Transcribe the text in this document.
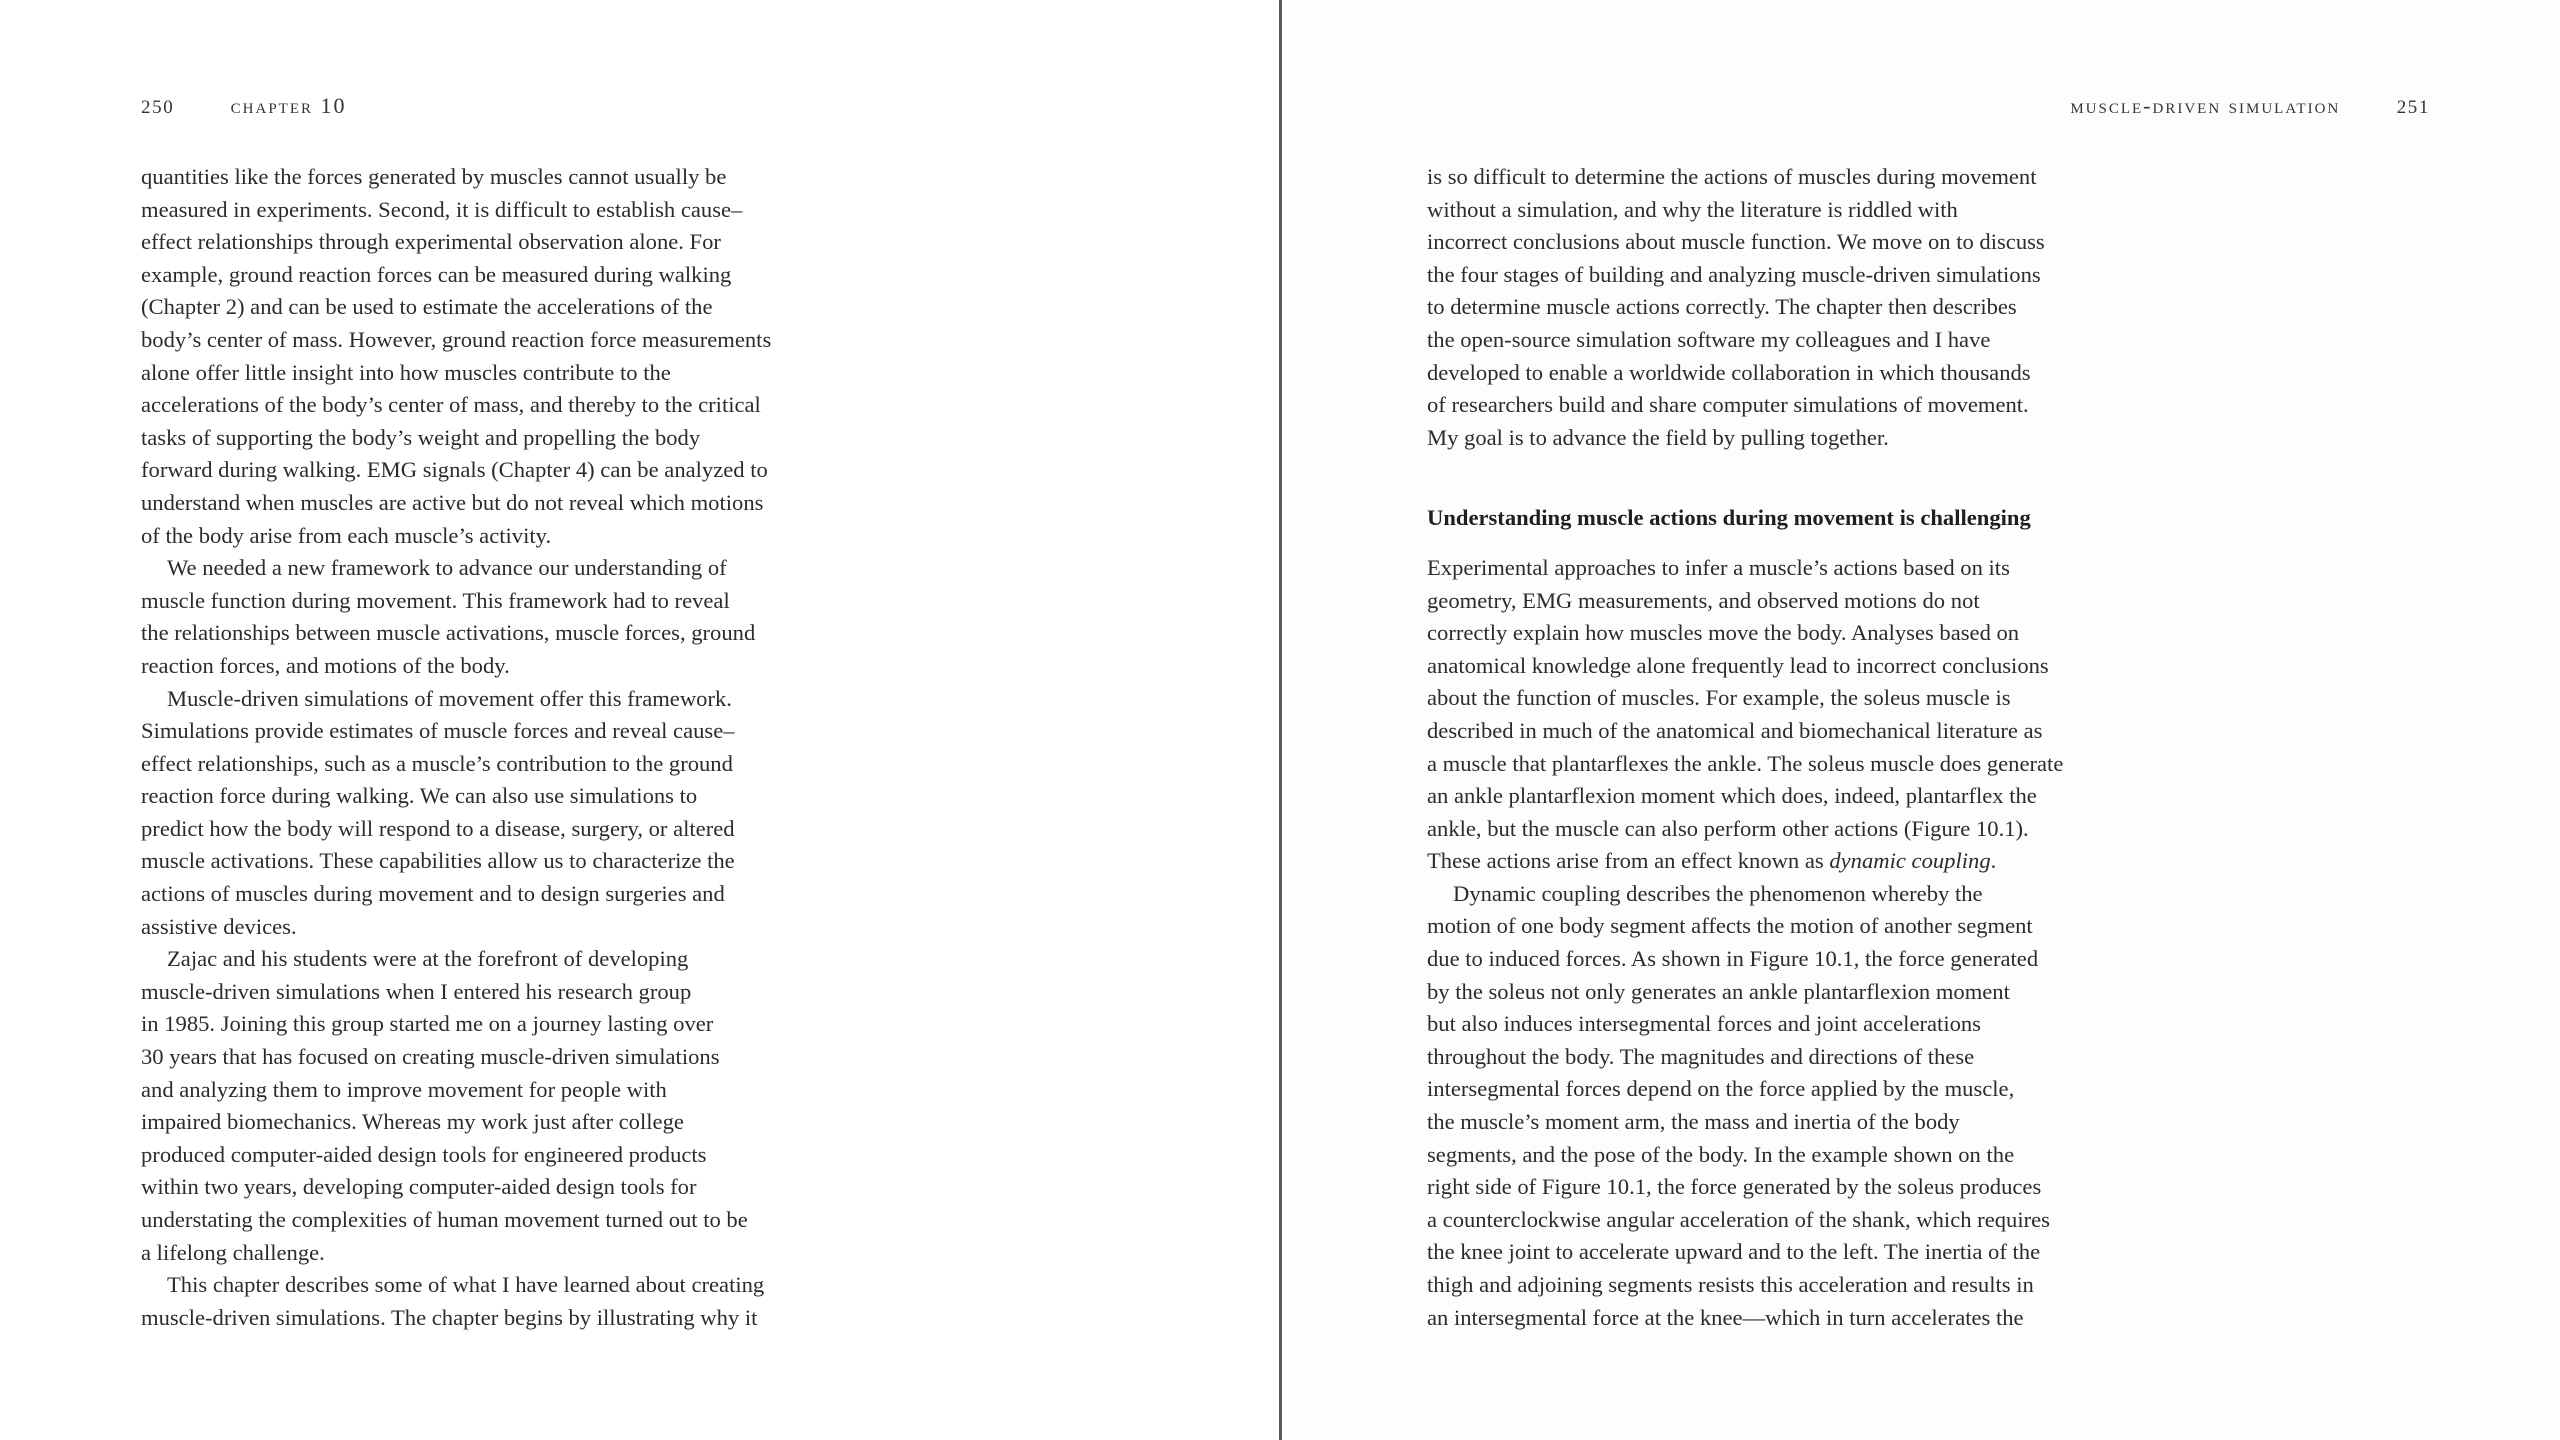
250	chapter 10
quantities like the forces generated by muscles cannot usually be
measured in experiments. Second, it is difficult to establish cause–
effect relationships through experimental observation alone. For
example, ground reaction forces can be measured during walking
(Chapter 2) and can be used to estimate the accelerations of the
body’s center of mass. However, ground reaction force measurements
alone offer little insight into how muscles contribute to the
accelerations of the body’s center of mass, and thereby to the critical
tasks of supporting the body’s weight and propelling the body
forward during walking. EMG signals (Chapter 4) can be analyzed to
understand when muscles are active but do not reveal which motions
of the body arise from each muscle’s activity.
We needed a new framework to advance our understanding of
muscle function during movement. This framework had to reveal
the relationships between muscle activations, muscle forces, ground
reaction forces, and motions of the body.
Muscle-driven simulations of movement offer this framework.
Simulations provide estimates of muscle forces and reveal cause–
effect relationships, such as a muscle’s contribution to the ground
reaction force during walking. We can also use simulations to
predict how the body will respond to a disease, surgery, or altered
muscle activations. These capabilities allow us to characterize the
actions of muscles during movement and to design surgeries and
assistive devices.
Zajac and his students were at the forefront of developing
muscle-driven simulations when I entered his research group
in 1985. Joining this group started me on a journey lasting over
30 years that has focused on creating muscle-driven simulations
and analyzing them to improve movement for people with
impaired biomechanics. Whereas my work just after college
produced computer-aided design tools for engineered products
within two years, developing computer-aided design tools for
understating the complexities of human movement turned out to be
a lifelong challenge.
This chapter describes some of what I have learned about creating
muscle-driven simulations. The chapter begins by illustrating why it
muscle-driven simulation	251
is so difficult to determine the actions of muscles during movement
without a simulation, and why the literature is riddled with
incorrect conclusions about muscle function. We move on to discuss
the four stages of building and analyzing muscle-driven simulations
to determine muscle actions correctly. The chapter then describes
the open-source simulation software my colleagues and I have
developed to enable a worldwide collaboration in which thousands
of researchers build and share computer simulations of movement.
My goal is to advance the field by pulling together.
Understanding muscle actions during movement is challenging
Experimental approaches to infer a muscle’s actions based on its
geometry, EMG measurements, and observed motions do not
correctly explain how muscles move the body. Analyses based on
anatomical knowledge alone frequently lead to incorrect conclusions
about the function of muscles. For example, the soleus muscle is
described in much of the anatomical and biomechanical literature as
a muscle that plantarflexes the ankle. The soleus muscle does generate
an ankle plantarflexion moment which does, indeed, plantarflex the
ankle, but the muscle can also perform other actions (Figure 10.1).
These actions arise from an effect known as dynamic coupling.
Dynamic coupling describes the phenomenon whereby the
motion of one body segment affects the motion of another segment
due to induced forces. As shown in Figure 10.1, the force generated
by the soleus not only generates an ankle plantarflexion moment
but also induces intersegmental forces and joint accelerations
throughout the body. The magnitudes and directions of these
intersegmental forces depend on the force applied by the muscle,
the muscle’s moment arm, the mass and inertia of the body
segments, and the pose of the body. In the example shown on the
right side of Figure 10.1, the force generated by the soleus produces
a counterclockwise angular acceleration of the shank, which requires
the knee joint to accelerate upward and to the left. The inertia of the
thigh and adjoining segments resists this acceleration and results in
an intersegmental force at the knee—which in turn accelerates the
